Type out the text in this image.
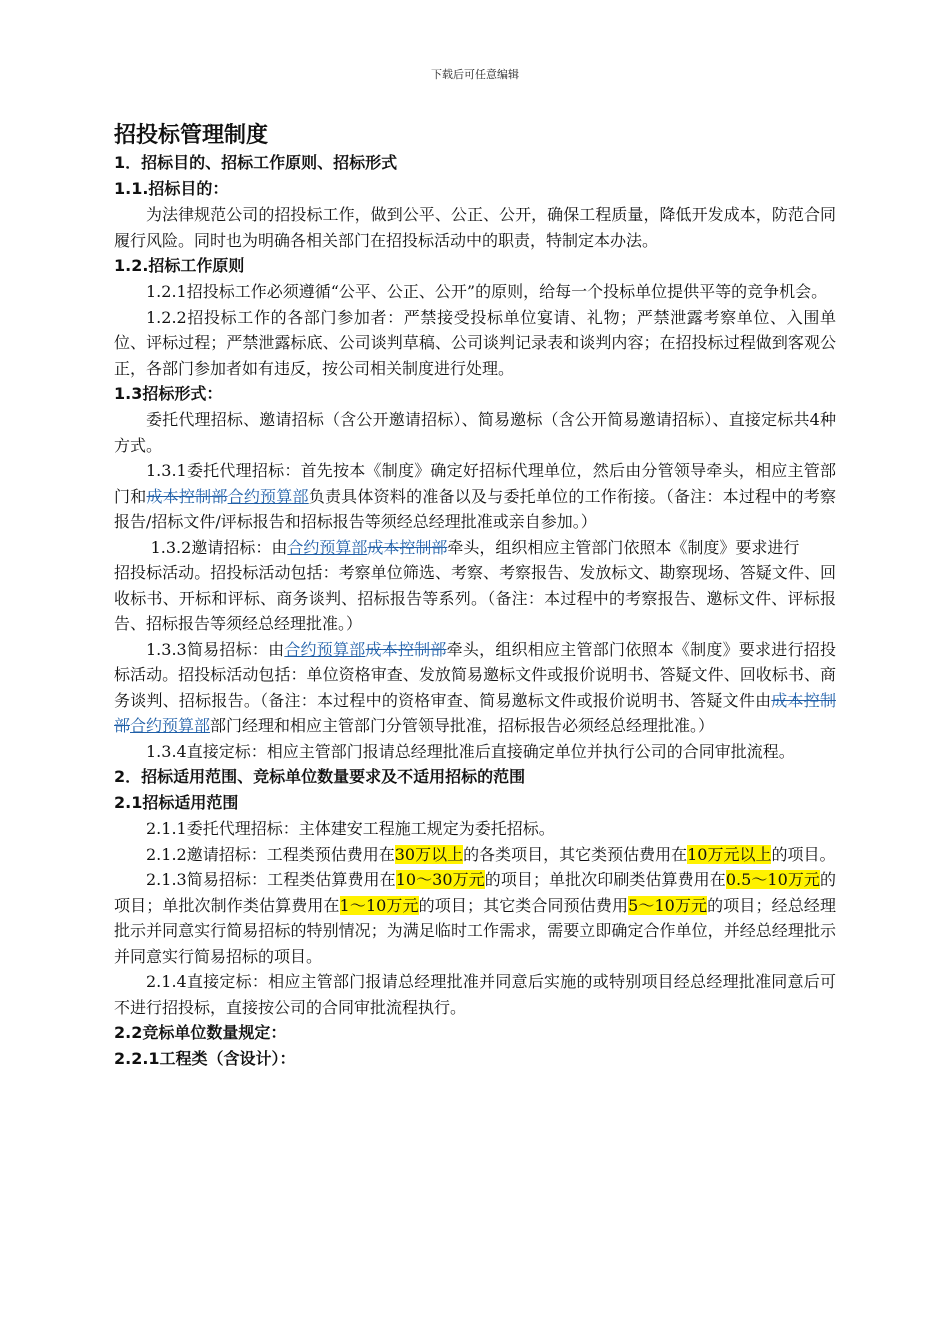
下载后可任意编辑
招投标管理制度
1．招标目的、招标工作原则、招标形式
1.1.招标目的：

为法律规范公司的招投标工作，做到公平、公正、公开，确保工程质量，降低开发成本，防范合同履行风险。同时也为明确各相关部门在招投标活动中的职责，特制定本办法。

1.2.招标工作原则

1.2.1招投标工作必须遵循“公平、公正、公开”的原则，给每一个投标单位提供平等的竞争机会。

1.2.2招投标工作的各部门参加者：严禁接受投标单位宴请、礼物；严禁泄露考察单位、入围单位、评标过程；严禁泄露标底、公司谈判草稿、公司谈判记录表和谈判内容；在招投标过程做到客观公正，各部门参加者如有违反，按公司相关制度进行处理。

1.3招标形式：

委托代理招标、邀请招标（含公开邀请招标）、简易邀标（含公开简易邀请招标）、直接定标共4种方式。

1.3.1委托代理招标：首先按本《制度》确定好招标代理单位，然后由分管领导牵头，相应主管部门和成本控制部合约预算部负责具体资料的准备以及与委托单位的工作衔接。（备注：本过程中的考察报告/招标文件/评标报告和招标报告等须经总经理批准或亲自参加。）

1.3.2邀请招标：由合约预算部成本控制部牵头，组织相应主管部门依照本《制度》要求进行

招投标活动。招投标活动包括：考察单位筛选、考察、考察报告、发放标文、勘察现场、答疑文件、回收标书、开标和评标、商务谈判、招标报告等系列。（备注：本过程中的考察报告、邀标文件、评标报告、招标报告等须经总经理批准。）

1.3.3简易招标：由合约预算部成本控制部牵头，组织相应主管部门依照本《制度》要求进行招投标活动。招投标活动包括：单位资格审查、发放简易邀标文件或报价说明书、答疑文件、回收标书、商务谈判、招标报告。（备注：本过程中的资格审查、简易邀标文件或报价说明书、答疑文件由成本控制部合约预算部部门经理和相应主管部门分管领导批准，招标报告必须经总经理批准。）

1.3.4直接定标：相应主管部门报请总经理批准后直接确定单位并执行公司的合同审批流程。

2．招标适用范围、竞标单位数量要求及不适用招标的范围
2.1招标适用范围

2.1.1委托代理招标：主体建安工程施工规定为委托招标。

2.1.2邀请招标：工程类预估费用在30万以上的各类项目，其它类预估费用在10万元以上的项目。

2.1.3简易招标：工程类估算费用在10～30万元的项目；单批次印刷类估算费用在0.5～10万元的项目；单批次制作类估算费用在1～10万元的项目；其它类合同预估费用5～10万元的项目；经总经理批示并同意实行简易招标的特别情况；为满足临时工作需求，需要立即确定合作单位，并经总经理批示并同意实行简易招标的项目。

2.1.4直接定标：相应主管部门报请总经理批准并同意后实施的或特别项目经总经理批准同意后可不进行招投标，直接按公司的合同审批流程执行。

2.2竞标单位数量规定：
2.2.1工程类（含设计）：
